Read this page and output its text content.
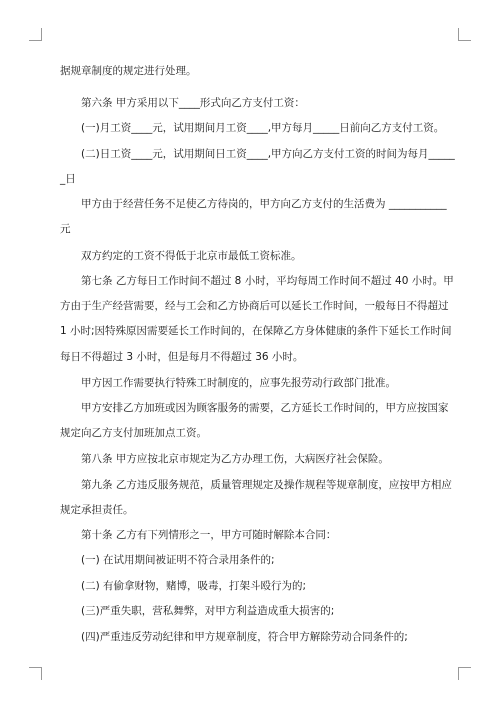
据规章制度的规定进行处理。
第六条 甲方采用以下____形式向乙方支付工资：
(一)月工资____元，试用期间月工资____,甲方每月_____日前向乙方支付工资。
(二)日工资____元，试用期间日工资____,甲方向乙方支付工资的时间为每月_____
_日
甲方由于经营任务不足使乙方待岗的，甲方向乙方支付的生活费为 ___________
元
双方约定的工资不得低于北京市最低工资标准。
第七条 乙方每日工作时间不超过 8 小时，平均每周工作时间不超过 40 小时。甲
方由于生产经营需要，经与工会和乙方协商后可以延长工作时间，一般每日不得超过
1 小时;因特殊原因需要延长工作时间的，在保障乙方身体健康的条件下延长工作时间
每日不得超过 3 小时，但是每月不得超过 36 小时。
甲方因工作需要执行特殊工时制度的，应事先报劳动行政部门批准。
甲方安排乙方加班或因为顾客服务的需要，乙方延长工作时间的，甲方应按国家
规定向乙方支付加班加点工资。
第八条 甲方应按北京市规定为乙方办理工伤，大病医疗社会保险。
第九条 乙方违反服务规范，质量管理规定及操作规程等规章制度，应按甲方相应
规定承担责任。
第十条 乙方有下列情形之一，甲方可随时解除本合同：
(一) 在试用期间被证明不符合录用条件的;
(二) 有偷拿财物，赌博，吸毒，打架斗殴行为的;
(三)严重失职，营私舞弊，对甲方利益造成重大损害的;
(四)严重违反劳动纪律和甲方规章制度，符合甲方解除劳动合同条件的;
